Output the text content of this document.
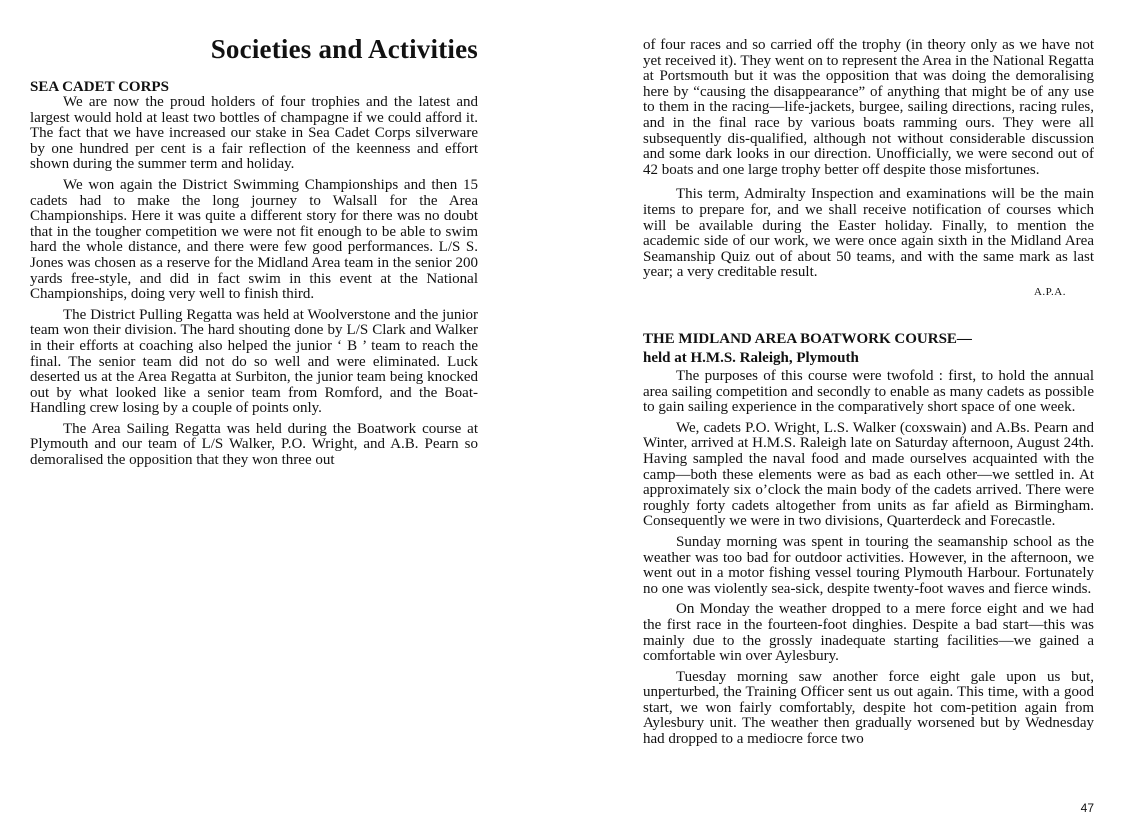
Societies and Activities
SEA CADET CORPS

We are now the proud holders of four trophies and the latest and largest would hold at least two bottles of champagne if we could afford it. The fact that we have increased our stake in Sea Cadet Corps silverware by one hundred per cent is a fair reflection of the keenness and effort shown during the summer term and holiday.

We won again the District Swimming Championships and then 15 cadets had to make the long journey to Walsall for the Area Championships. Here it was quite a different story for there was no doubt that in the tougher competition we were not fit enough to be able to swim hard the whole distance, and there were few good performances. L/S S. Jones was chosen as a reserve for the Midland Area team in the senior 200 yards free-style, and did in fact swim in this event at the National Championships, doing very well to finish third.

The District Pulling Regatta was held at Woolverstone and the junior team won their division. The hard shouting done by L/S Clark and Walker in their efforts at coaching also helped the junior ‘ B ’ team to reach the final. The senior team did not do so well and were eliminated. Luck deserted us at the Area Regatta at Surbiton, the junior team being knocked out by what looked like a senior team from Romford, and the Boat-Handling crew losing by a couple of points only.

The Area Sailing Regatta was held during the Boatwork course at Plymouth and our team of L/S Walker, P.O. Wright, and A.B. Pearn so demoralised the opposition that they won three out

of four races and so carried off the trophy (in theory only as we have not yet received it). They went on to represent the Area in the National Regatta at Portsmouth but it was the opposition that was doing the demoralising here by “causing the disappearance” of anything that might be of any use to them in the racing—life-jackets, burgee, sailing directions, racing rules, and in the final race by various boats ramming ours. They were all subsequently dis-qualified, although not without considerable discussion and some dark looks in our direction. Unofficially, we were second out of 42 boats and one large trophy better off despite those misfortunes.

This term, Admiralty Inspection and examinations will be the main items to prepare for, and we shall receive notification of courses which will be available during the Easter holiday. Finally, to mention the academic side of our work, we were once again sixth in the Midland Area Seamanship Quiz out of about 50 teams, and with the same mark as last year; a very creditable result.

A.P.A.
THE MIDLAND AREA BOATWORK COURSE—
held at H.M.S. Raleigh, Plymouth

The purposes of this course were twofold : first, to hold the annual area sailing competition and secondly to enable as many cadets as possible to gain sailing experience in the comparatively short space of one week.

We, cadets P.O. Wright, L.S. Walker (coxswain) and A.Bs. Pearn and Winter, arrived at H.M.S. Raleigh late on Saturday afternoon, August 24th. Having sampled the naval food and made ourselves acquainted with the camp—both these elements were as bad as each other—we settled in. At approximately six o’clock the main body of the cadets arrived. There were roughly forty cadets altogether from units as far afield as Birmingham. Consequently we were in two divisions, Quarterdeck and Forecastle.

Sunday morning was spent in touring the seamanship school as the weather was too bad for outdoor activities. However, in the afternoon, we went out in a motor fishing vessel touring Plymouth Harbour. Fortunately no one was violently sea-sick, despite twenty-foot waves and fierce winds.

On Monday the weather dropped to a mere force eight and we had the first race in the fourteen-foot dinghies. Despite a bad start—this was mainly due to the grossly inadequate starting facilities—we gained a comfortable win over Aylesbury.

Tuesday morning saw another force eight gale upon us but, unperturbed, the Training Officer sent us out again. This time, with a good start, we won fairly comfortably, despite hot com-petition again from Aylesbury unit. The weather then gradually worsened but by Wednesday had dropped to a mediocre force two

47
